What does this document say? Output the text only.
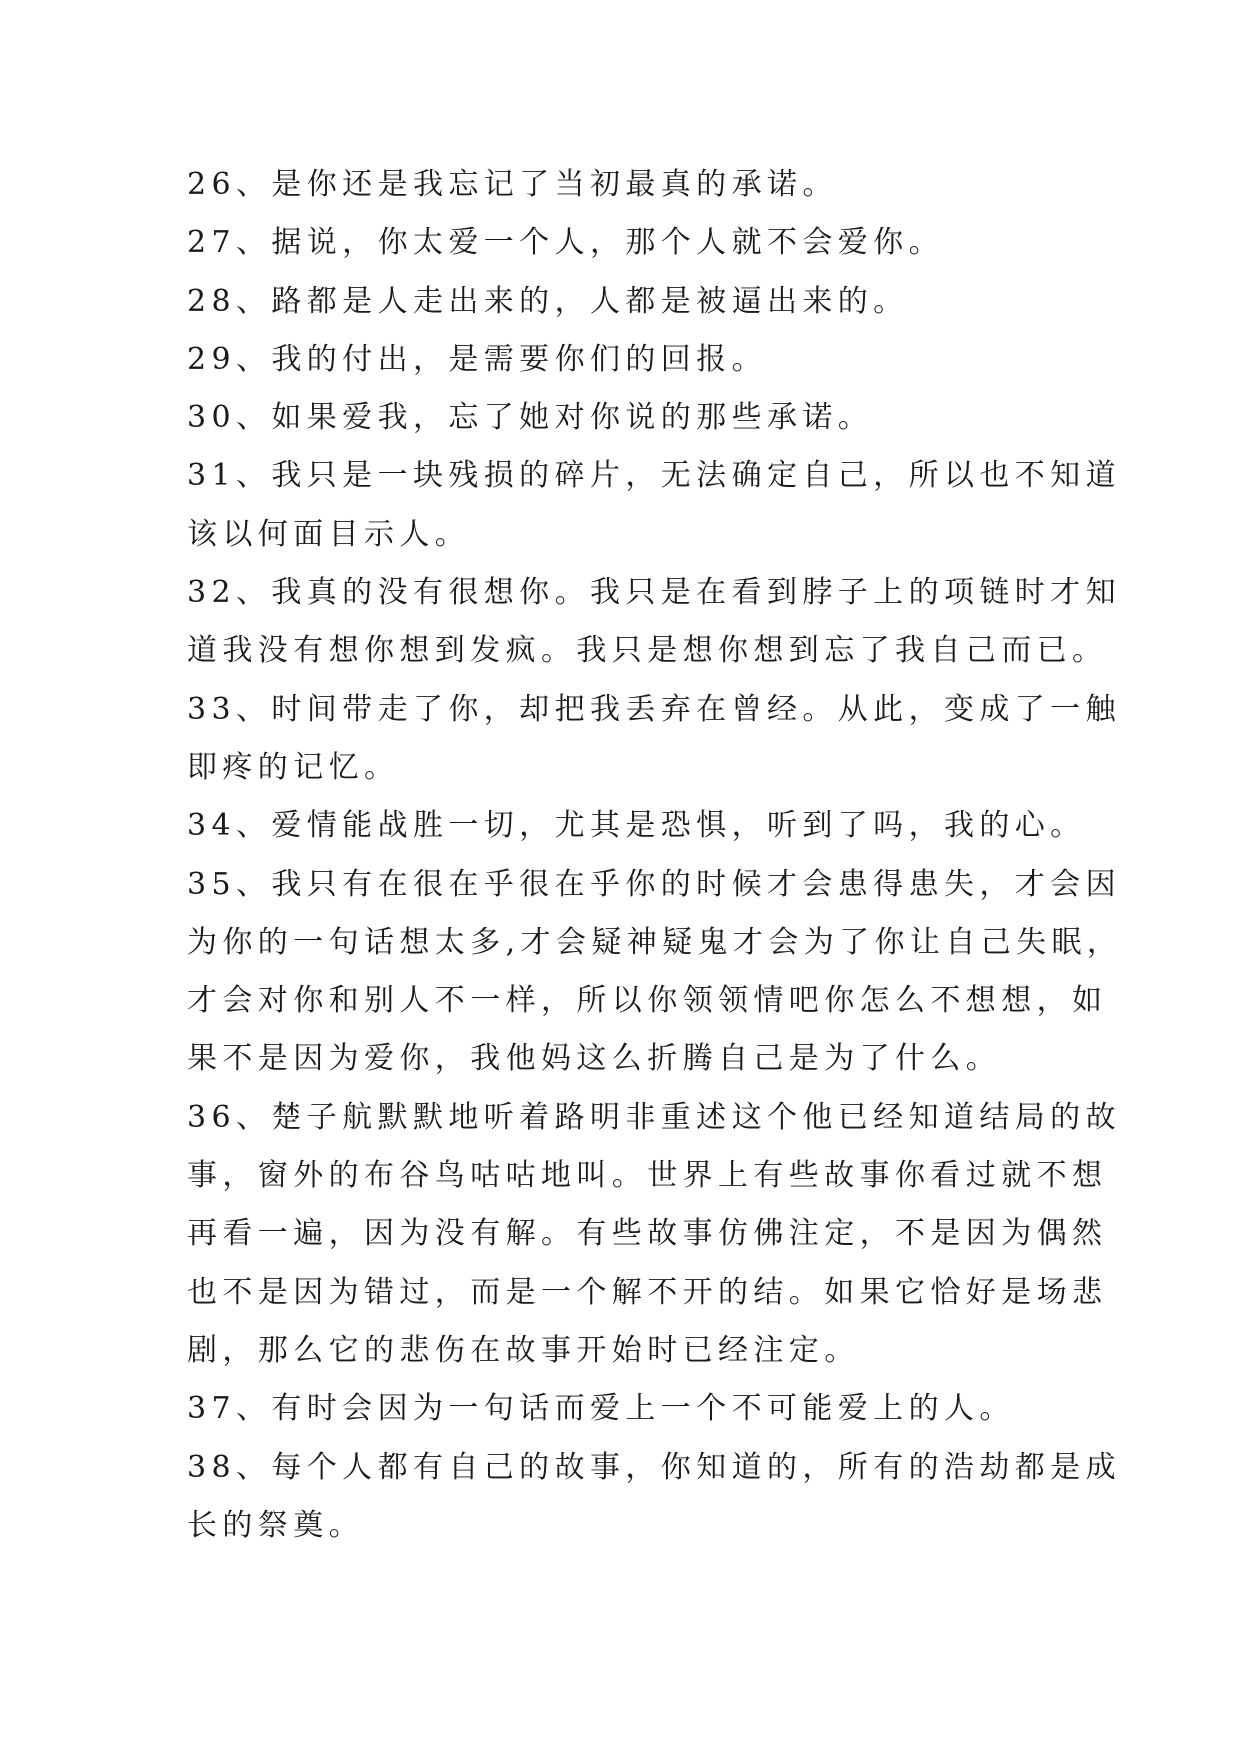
26、是你还是我忘记了当初最真的承诺。
27、据说，你太爱一个人，那个人就不会爱你。
28、路都是人走出来的，人都是被逼出来的。
29、我的付出，是需要你们的回报。
30、如果爱我，忘了她对你说的那些承诺。
31、我只是一块残损的碎片，无法确定自己，所以也不知道
该以何面目示人。
32、我真的没有很想你。我只是在看到脖子上的项链时才知
道我没有想你想到发疯。我只是想你想到忘了我自己而已。
33、时间带走了你，却把我丢弃在曾经。从此，变成了一触
即疼的记忆。
34、爱情能战胜一切，尤其是恐惧，听到了吗，我的心。
35、我只有在很在乎很在乎你的时候才会患得患失，才会因
为你的一句话想太多,才会疑神疑鬼才会为了你让自己失眠，
才会对你和别人不一样，所以你领领情吧你怎么不想想，如
果不是因为爱你，我他妈这么折腾自己是为了什么。
36、楚子航默默地听着路明非重述这个他已经知道结局的故
事，窗外的布谷鸟咕咕地叫。世界上有些故事你看过就不想
再看一遍，因为没有解。有些故事仿佛注定，不是因为偶然
也不是因为错过，而是一个解不开的结。如果它恰好是场悲
剧，那么它的悲伤在故事开始时已经注定。
37、有时会因为一句话而爱上一个不可能爱上的人。
38、每个人都有自己的故事，你知道的，所有的浩劫都是成
长的祭奠。
